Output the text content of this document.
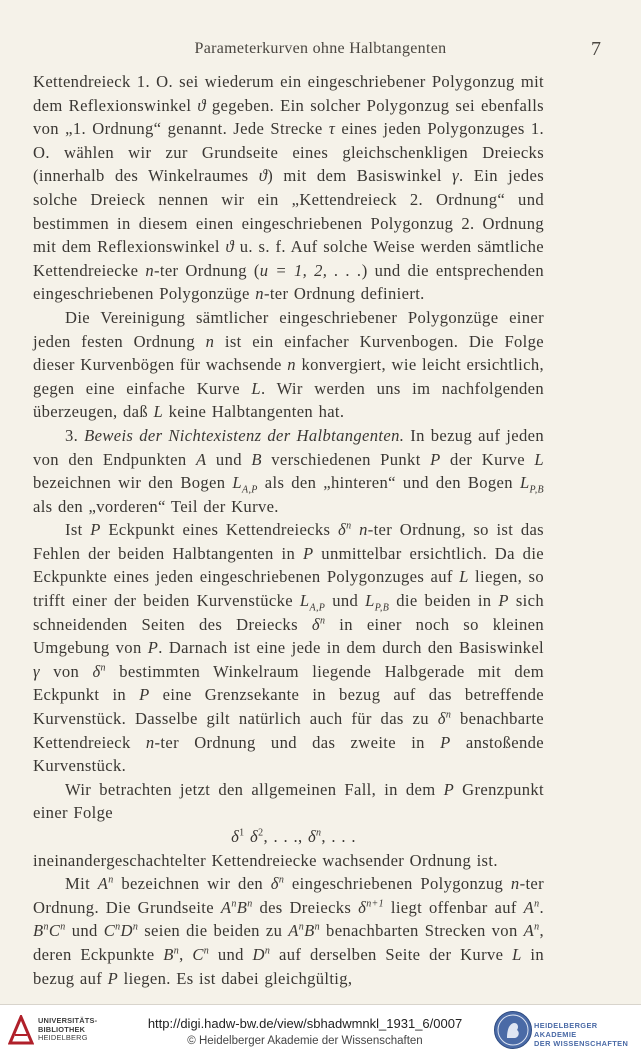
Parameterkurven ohne Halbtangenten	7

Kettendreieck 1. O. sei wiederum ein eingeschriebener Polygonzug mit dem Reflexionswinkel ϑ gegeben. Ein solcher Polygonzug sei ebenfalls von „1. Ordnung“ genannt. Jede Strecke τ eines jeden Polygonzuges 1. O. wählen wir zur Grundseite eines gleichschenkligen Dreiecks (innerhalb des Winkelraumes ϑ) mit dem Basiswinkel γ. Ein jedes solche Dreieck nennen wir ein „Kettendreieck 2. Ordnung“ und bestimmen in diesem einen eingeschriebenen Polygonzug 2. Ordnung mit dem Reflexionswinkel ϑ u. s. f. Auf solche Weise werden sämtliche Kettendreiecke n-ter Ordnung (u = 1, 2, . . .) und die entsprechenden eingeschriebenen Polygonzüge n-ter Ordnung definiert.

Die Vereinigung sämtlicher eingeschriebener Polygonzüge einer jeden festen Ordnung n ist ein einfacher Kurvenbogen. Die Folge dieser Kurvenbögen für wachsende n konvergiert, wie leicht ersichtlich, gegen eine einfache Kurve L. Wir werden uns im nachfolgenden überzeugen, daß L keine Halbtangenten hat.

3. Beweis der Nichtexistenz der Halbtangenten. In bezug auf jeden von den Endpunkten A und B verschiedenen Punkt P der Kurve L bezeichnen wir den Bogen $L_{A,P}$ als den „hinteren“ und den Bogen $L_{P,B}$ als den „vorderen“ Teil der Kurve.

Ist P Eckpunkt eines Kettendreiecks $\delta^n$ n-ter Ordnung, so ist das Fehlen der beiden Halbtangenten in P unmittelbar ersichtlich. Da die Eckpunkte eines jeden eingeschriebenen Polygonzuges auf L liegen, so trifft einer der beiden Kurvenstücke $L_{A,P}$ und $L_{P,B}$ die beiden in P sich schneidenden Seiten des Dreiecks $\delta^n$ in einer noch so kleinen Umgebung von P. Darnach ist eine jede in dem durch den Basiswinkel γ von $\delta^n$ bestimmten Winkelraum liegende Halbgerade mit dem Eckpunkt in P eine Grenzsekante in bezug auf das betreffende Kurvenstück. Dasselbe gilt natürlich auch für das zu $\delta^n$ benachbarte Kettendreieck n-ter Ordnung und das zweite in P anstoßende Kurvenstück.

Wir betrachten jetzt den allgemeinen Fall, in dem P Grenzpunkt einer Folge

$\delta^1$ $\delta^2$, . . ., $\delta^n$, . . .

ineinandergeschachtelter Kettendreiecke wachsender Ordnung ist.

Mit $A^n$ bezeichnen wir den $\delta^n$ eingeschriebenen Polygonzug n-ter Ordnung. Die Grundseite $A^nB^n$ des Dreiecks $\delta^{n+1}$ liegt offenbar auf $A^n$. $B^nC^n$ und $C^nD^n$ seien die beiden zu $A^nB^n$ benachbarten Strecken von $A^n$, deren Eckpunkte $B^n$, $C^n$ und $D^n$ auf derselben Seite der Kurve L in bezug auf P liegen. Es ist dabei gleichgültig,

UNIVERSITÄTS-
BIBLIOTHEK
HEIDELBERG
http://digi.hadw-bw.de/view/sbhadwmnkl_1931_6/0007
© Heidelberger Akademie der Wissenschaften
HEIDELBERGER AKADEMIE
DER WISSENSCHAFTEN
